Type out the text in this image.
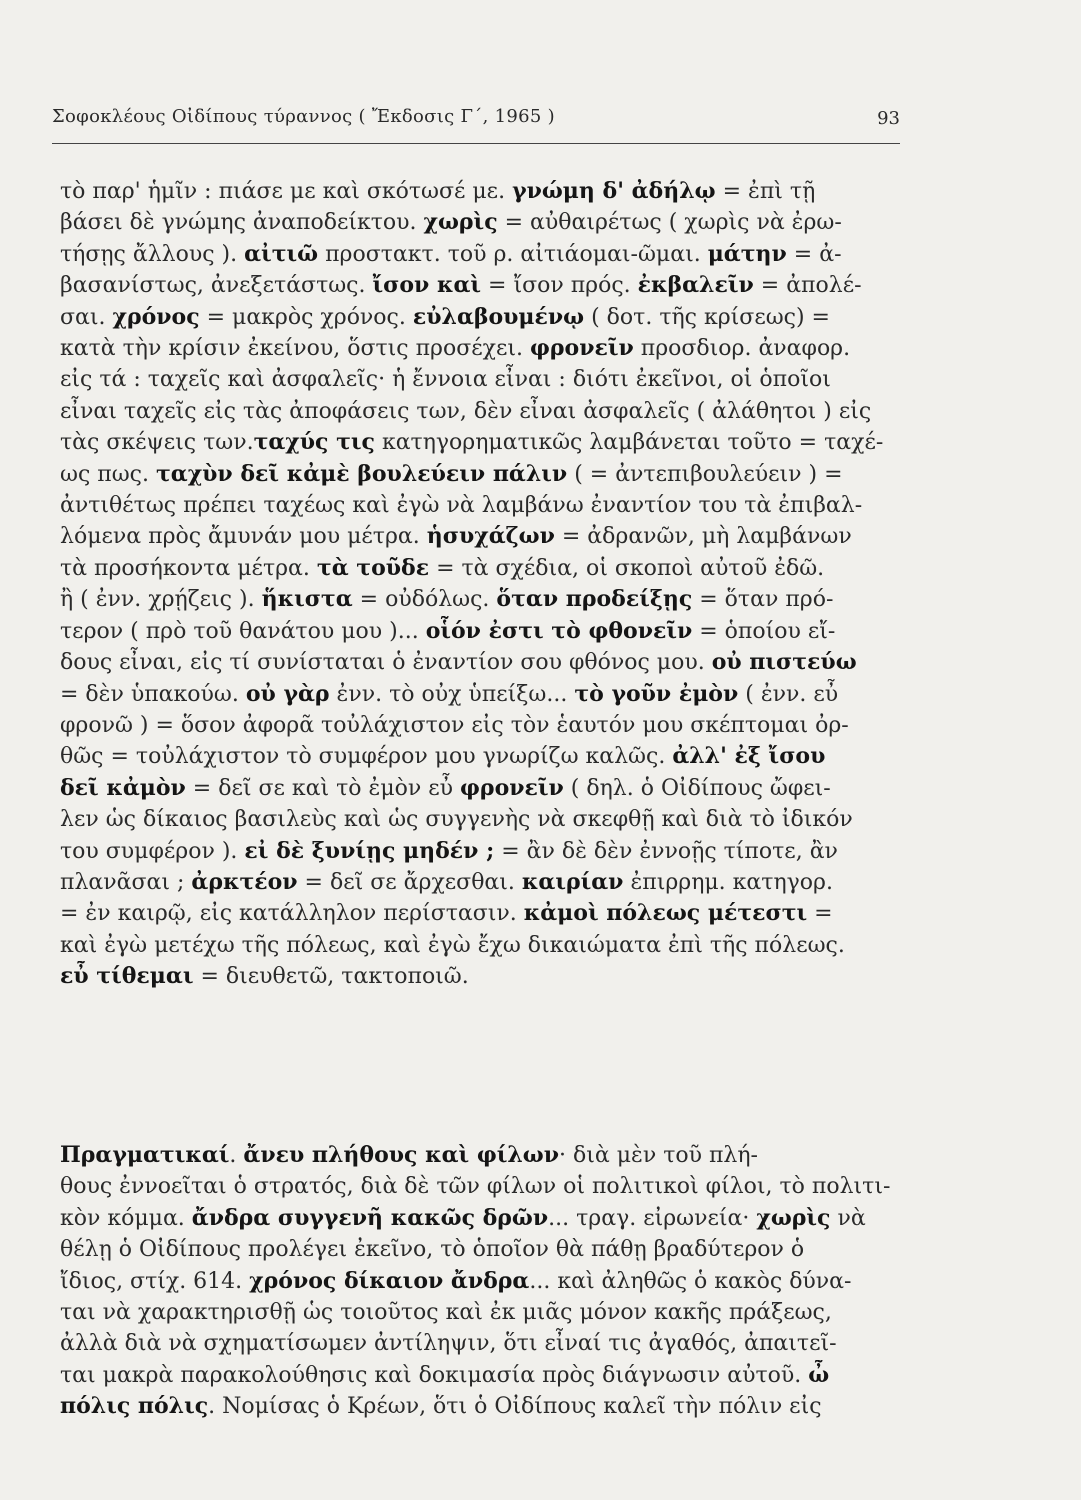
Σοφοκλέους Οἰδίπους τύραννος ( Ἔκδοσις Γ΄, 1965 )	93
τὸ παρ' ἡμῖν : πιάσε με καὶ σκότωσέ με. γνώμη δ' ἀδήλῳ = ἐπὶ τῇ
βάσει δὲ γνώμης ἀναποδείκτου. χωρὶς = αὐθαιρέτως ( χωρὶς νὰ ἐρω-
τήσῃς ἄλλους ). αἰτιῶ προστακτ. τοῦ ρ. αἰτιάομαι-ῶμαι. μάτην = ἀ-
βασανίστως, ἀνεξετάστως. ἴσον καὶ = ἴσον πρός. ἐκβαλεῖν = ἀπολέ-
σαι. χρόνος = μακρὸς χρόνος. εὐλαβουμένῳ ( δοτ. τῆς κρίσεως) =
κατὰ τὴν κρίσιν ἐκείνου, ὅστις προσέχει. φρονεῖν προσδιορ. ἀναφορ.
εἰς τά : ταχεῖς καὶ ἀσφαλεῖς· ἡ ἔννοια εἶναι : διότι ἐκεῖνοι, οἱ ὁποῖοι
εἶναι ταχεῖς εἰς τὰς ἀποφάσεις των, δὲν εἶναι ἀσφαλεῖς ( ἀλάθητοι ) εἰς
τὰς σκέψεις των.ταχύς τις κατηγορηματικῶς λαμβάνεται τοῦτο = ταχέ-
ως πως. ταχὺν δεῖ κἀμὲ βουλεύειν πάλιν ( = ἀντεπιβουλεύειν ) =
ἀντιθέτως πρέπει ταχέως καὶ ἐγὼ νὰ λαμβάνω ἐναντίον του τὰ ἐπιβαλ-
λόμενα πρὸς ἄμυνάν μου μέτρα. ἡσυχάζων = ἀδρανῶν, μὴ λαμβάνων
τὰ προσήκοντα μέτρα. τὰ τοῦδε = τὰ σχέδια, οἱ σκοποὶ αὐτοῦ ἐδῶ.
ἢ ( ἐνν. χρῄζεις ). ἥκιστα = οὐδόλως. ὅταν προδείξῃς = ὅταν πρό-
τερον ( πρὸ τοῦ θανάτου μου )... οἷόν ἐστι τὸ φθονεῖν = ὁποίου εἴ-
δους εἶναι, εἰς τί συνίσταται ὁ ἐναντίον σου φθόνος μου. οὐ πιστεύω
= δὲν ὑπακούω. οὐ γὰρ ἐνν. τὸ οὐχ ὑπείξω... τὸ γοῦν ἐμὸν ( ἐνν. εὖ
φρονῶ ) = ὅσον ἀφορᾶ τοὐλάχιστον εἰς τὸν ἑαυτόν μου σκέπτομαι ὀρ-
θῶς = τοὐλάχιστον τὸ συμφέρον μου γνωρίζω καλῶς. ἀλλ' ἐξ ἴσου
δεῖ κἀμὸν = δεῖ σε καὶ τὸ ἐμὸν εὖ φρονεῖν ( δηλ. ὁ Οἰδίπους ὤφει-
λεν ὡς δίκαιος βασιλεὺς καὶ ὡς συγγενὴς νὰ σκεφθῇ καὶ διὰ τὸ ἰδικόν
του συμφέρον ). εἰ δὲ ξυνίῃς μηδέν ; = ἂν δὲ δὲν ἐννοῇς τίποτε, ἂν
πλανᾶσαι ; ἀρκτέον = δεῖ σε ἄρχεσθαι. καιρίαν ἐπιρρημ. κατηγορ.
= ἐν καιρῷ, εἰς κατάλληλον περίστασιν. κἀμοὶ πόλεως μέτεστι =
καὶ ἐγὼ μετέχω τῆς πόλεως, καὶ ἐγὼ ἔχω δικαιώματα ἐπὶ τῆς πόλεως.
εὖ τίθεμαι = διευθετῶ, τακτοποιῶ.
Πραγματικαί. ἄνευ πλήθους καὶ φίλων· διὰ μὲν τοῦ πλή-
θους ἐννοεῖται ὁ στρατός, διὰ δὲ τῶν φίλων οἱ πολιτικοὶ φίλοι, τὸ πολιτι-
κὸν κόμμα. ἄνδρα συγγενῆ κακῶς δρῶν... τραγ. εἰρωνεία· χωρὶς νὰ
θέλῃ ὁ Οἰδίπους προλέγει ἐκεῖνο, τὸ ὁποῖον θὰ πάθῃ βραδύτερον ὁ
ἴδιος, στίχ. 614. χρόνος δίκαιον ἄνδρα... καὶ ἀληθῶς ὁ κακὸς δύνα-
ται νὰ χαρακτηρισθῇ ὡς τοιοῦτος καὶ ἐκ μιᾶς μόνον κακῆς πράξεως,
ἀλλὰ διὰ νὰ σχηματίσωμεν ἀντίληψιν, ὅτι εἶναί τις ἀγαθός, ἀπαιτεῖ-
ται μακρὰ παρακολούθησις καὶ δοκιμασία πρὸς διάγνωσιν αὐτοῦ. ὦ
πόλις πόλις. Νομίσας ὁ Κρέων, ὅτι ὁ Οἰδίπους καλεῖ τὴν πόλιν εἰς
